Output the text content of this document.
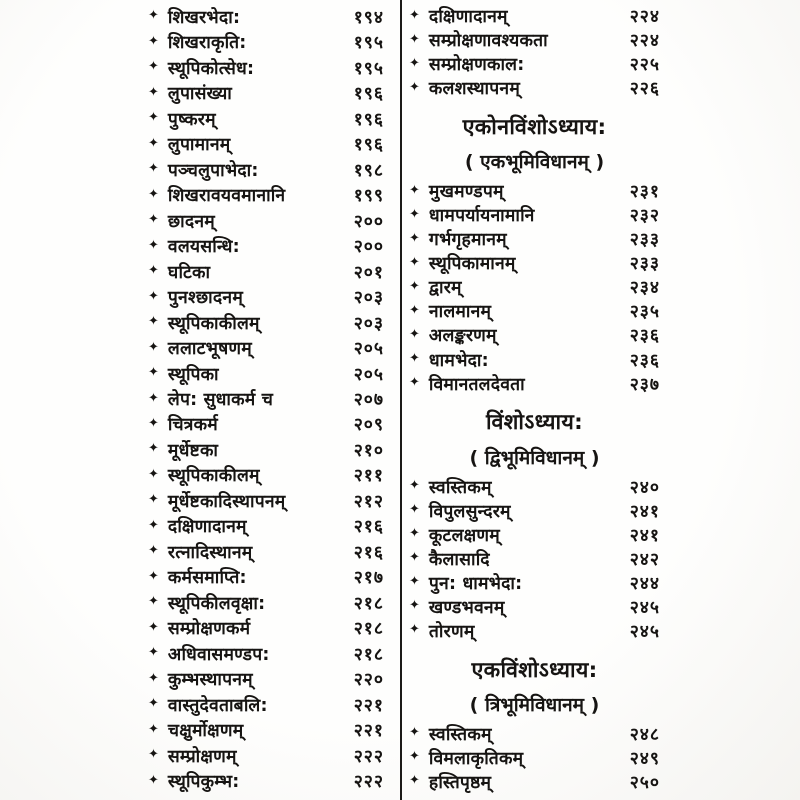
✦ शिखरभेदा:	१९४
✦ शिखराकृति:	१९५
✦ स्थूपिकोत्सेध:	१९५
✦ लुपासंख्या	१९६
✦ पुष्करम्	१९६
✦ लुपामानम्	१९६
✦ पञ्चलुपाभेदा:	१९८
✦ शिखरावयवमानानि	१९९
✦ छादनम्	२००
✦ वलयसन्धि:	२००
✦ घटिका	२०१
✦ पुनश्छादनम्	२०३
✦ स्थूपिकाकीलम्	२०३
✦ ललाटभूषणम्	२०५
✦ स्थूपिका	२०५
✦ लेप: सुधाकर्म च	२०७
✦ चित्रकर्म	२०९
✦ मूर्धेष्टका	२१०
✦ स्थूपिकाकीलम्	२११
✦ मूर्धेष्टकादिस्थापनम्	२१२
✦ दक्षिणादानम्	२१६
✦ रत्नादिस्थानम्	२१६
✦ कर्मसमाप्ति:	२१७
✦ स्थूपिकीलवृक्षा:	२१८
✦ सम्प्रोक्षणकर्म	२१८
✦ अधिवासमण्डप:	२१८
✦ कुम्भस्थापनम्	२२०
✦ वास्तुदेवताबलि:	२२१
✦ चक्षुर्मोक्षणम्	२२१
✦ सम्प्रोक्षणम्	२२२
✦ स्थूपिकुम्भ:	२२२
✦ दक्षिणादानम्	२२४
✦ सम्प्रोक्षणावश्यकता	२२४
✦ सम्प्रोक्षणकाल:	२२५
✦ कलशस्थापनम्	२२६
एकोनविंशोऽध्याय:
( एकभूमिविधानम् )
✦ मुखमण्डपम्	२३१
✦ धामपर्यायनामानि	२३२
✦ गर्भगृहमानम्	२३३
✦ स्थूपिकामानम्	२३३
✦ द्वारम्	२३४
✦ नालमानम्	२३५
✦ अलङ्करणम्	२३६
✦ धामभेदा:	२३६
✦ विमानतलदेवता	२३७
विंशोऽध्याय:
( द्विभूमिविधानम् )
✦ स्वस्तिकम्	२४०
✦ विपुलसुन्दरम्	२४१
✦ कूटलक्षणम्	२४१
✦ कैलासादि	२४२
✦ पुन: धामभेदा:	२४४
✦ खण्डभवनम्	२४५
✦ तोरणम्	२४५
एकविंशोऽध्याय:
( त्रिभूमिविधानम् )
✦ स्वस्तिकम्	२४८
✦ विमलाकृतिकम्	२४९
✦ हस्तिपृष्ठम्	२५०
